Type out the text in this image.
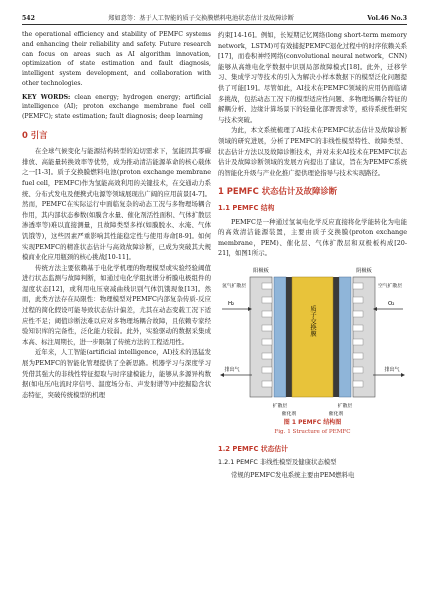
542	郑如意等：基于人工智能的质子交换膜燃料电池状态估计及故障诊断	Vol.46 No.3

the operational efficiency and stability of PEMFC systems and enhancing their reliability and safety. Future research can focus on areas such as AI algorithm innovation, optimization of state estimation and fault diagnosis, intelligent system development, and collaboration with other technologies.

KEY WORDS: clean energy; hydrogen energy; artificial intelligence (AI); proton exchange membrane fuel cell (PEMFC); state estimation; fault diagnosis; deep learning

0 引言

在全球气候变化与能源结构转型的迫切需求下，氢能因其零碳排放、高能量转换效率等优势，成为推动清洁能源革命的核心载体之一[1-3]。质子交换膜燃料电池(proton exchange membrane fuel cell，PEMFC)作为氢能高效利用的关键技术，在交通动力系统、分布式发电及便携式电源等领域展现出广阔的应用前景[4-7]。然而，PEMFC在实际运行中面临复杂的动态工况与多物理场耦合作用，其内部状态参数(如膜含水量、催化剂活性面积、气体扩散层渗透率等)难以直接测量，且故障类型多样(如膜脱水、水淹、气体饥饿等)，这些因素严重影响其性能稳定性与使用寿命[8-9]。如何实现PEMFC的精准状态估计与高效故障诊断，已成为突破其大规模商业化应用瓶颈的核心挑战[10-11]。

传统方法主要依赖基于电化学机理的物理模型或实验经验阈值进行状态监测与故障判断，如通过电化学阻抗谱分析膜电极组件的湿度状态[12]，或利用电压衰减曲线识别气体饥饿现象[13]。然而，此类方法存在局限性：物理模型对PEMFC内部复杂传质-反应过程的简化假设可能导致状态估计偏差，尤其在动态变载工况下适应性不足；阈值诊断法难以应对多物理场耦合故障，且依赖专家经验知识库的完备性，泛化能力较弱。此外，实验驱动的数据采集成本高、标注周期长，进一步限制了传统方法的工程适用性。

近年来，人工智能(artificial intelligence，AI)技术的迅猛发展为PEMFC的智能化管理提供了全新思路。机器学习与深度学习凭借其强大的非线性特征提取与时序建模能力，能够从多源异构数据(如电压/电流时序信号、温度场分布、声发射谱等)中挖掘隐含状态特征，突破传统模型的机理

约束[14-16]。例如，长短期记忆网络(long short-term memory network，LSTM)可有效捕捉PEMFC退化过程中的时序依赖关系[17]，而卷积神经网络(convolutional neural network，CNN)能够从高维电化学数据中识别局部故障模式[18]。此外，迁移学习、集成学习等技术的引入为解决小样本数据下的模型泛化问题提供了可能[19]。尽管如此，AI技术在PEMFC领域的应用仍面临诸多挑战，包括动态工况下的模型适应性问题、多物理场耦合特征的解耦分析、边缘计算场景下的轻量化部署需求等，亟待系统性研究与技术突破。

为此，本文系统梳理了AI技术在PEMFC状态估计及故障诊断领域的研究进展，分析了PEMFC的非线性模型特性、故障类型、状态估计方法以及故障诊断技术，并对未来AI技术在PEMFC状态估计及故障诊断领域的发展方向提出了建议，旨在为PEMFC系统的智能化升级与产业化推广提供理论指导与技术实现路径。

1 PEMFC 状态估计及故障诊断
1.1 PEMFC 结构

PEMFC是一种通过氢氧电化学反应直接将化学能转化为电能的高效清洁能源装置，主要由质子交换膜(proton exchange membrane，PEM)、催化层、气体扩散层和双极板构成[20-21]，如图1所示。

质子交换膜
阳极板	阴极板
氢气扩散层	空气扩散层
H₂	O₂
排出气	排出气
扩散层	扩散层
催化剂	催化剂
图 1 PEMFC 结构图
Fig. 1 Structure of PEMFC
1.2 PEMFC 状态估计
1.2.1 PEMFC 非线性模型及健康状态模型

常规的PEMFC发电系统主要由PEM燃料电
